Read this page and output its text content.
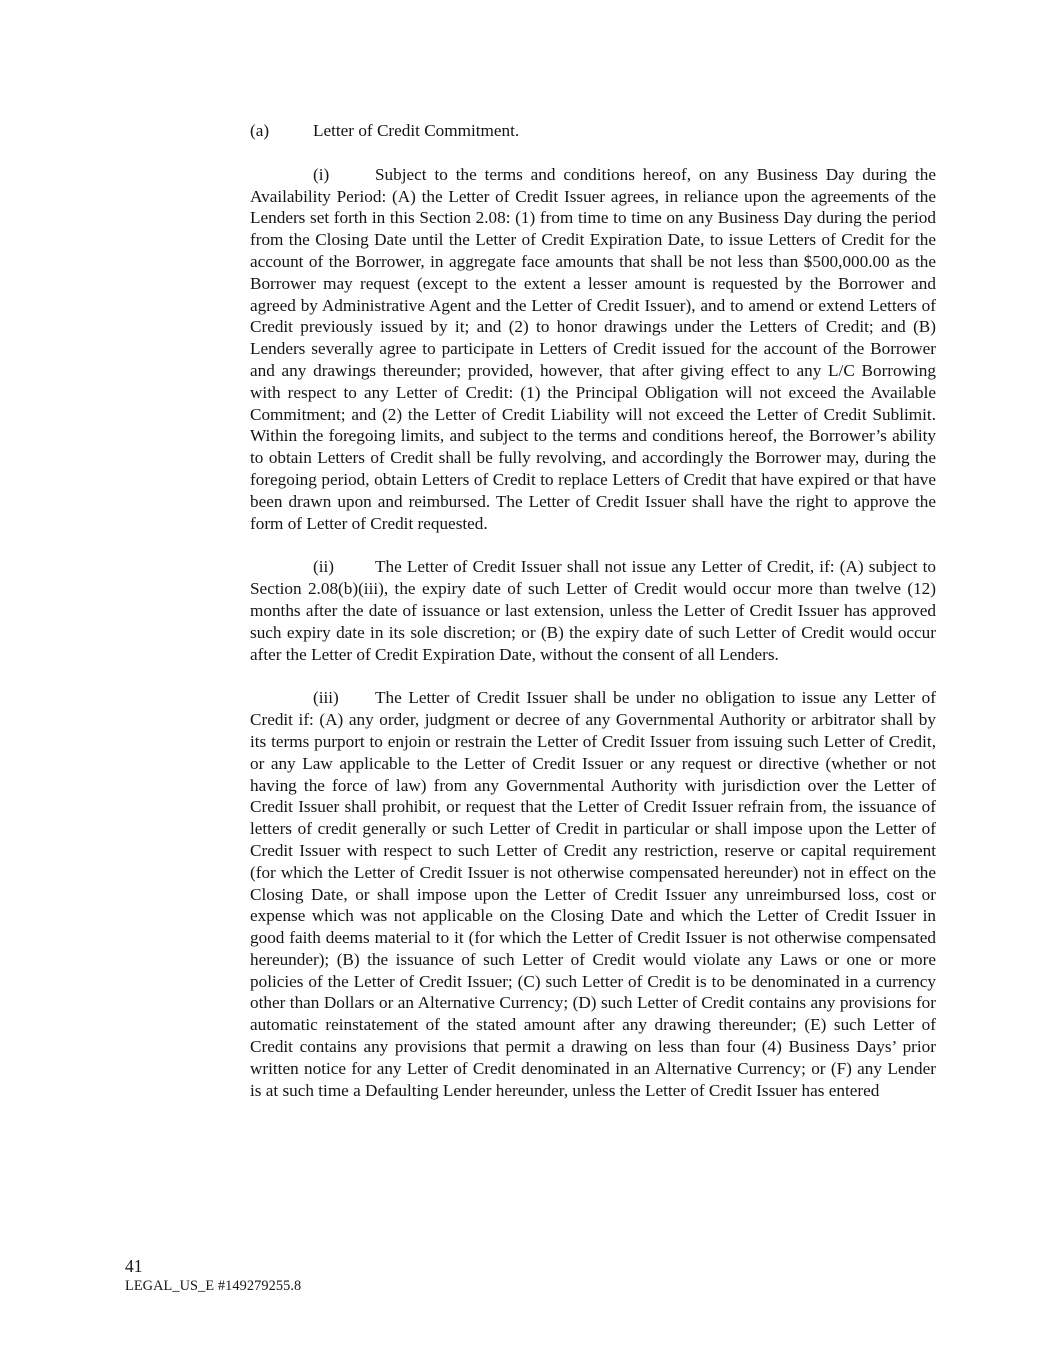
(a)	Letter of Credit Commitment.

(i)	Subject to the terms and conditions hereof, on any Business Day during the Availability Period: (A) the Letter of Credit Issuer agrees, in reliance upon the agreements of the Lenders set forth in this Section 2.08: (1) from time to time on any Business Day during the period from the Closing Date until the Letter of Credit Expiration Date, to issue Letters of Credit for the account of the Borrower, in aggregate face amounts that shall be not less than $500,000.00 as the Borrower may request (except to the extent a lesser amount is requested by the Borrower and agreed by Administrative Agent and the Letter of Credit Issuer), and to amend or extend Letters of Credit previously issued by it; and (2) to honor drawings under the Letters of Credit; and (B) Lenders severally agree to participate in Letters of Credit issued for the account of the Borrower and any drawings thereunder; provided, however, that after giving effect to any L/C Borrowing with respect to any Letter of Credit: (1) the Principal Obligation will not exceed the Available Commitment; and (2) the Letter of Credit Liability will not exceed the Letter of Credit Sublimit. Within the foregoing limits, and subject to the terms and conditions hereof, the Borrower’s ability to obtain Letters of Credit shall be fully revolving, and accordingly the Borrower may, during the foregoing period, obtain Letters of Credit to replace Letters of Credit that have expired or that have been drawn upon and reimbursed. The Letter of Credit Issuer shall have the right to approve the form of Letter of Credit requested.

(ii) The Letter of Credit Issuer shall not issue any Letter of Credit, if: (A) subject to Section 2.08(b)(iii), the expiry date of such Letter of Credit would occur more than twelve (12) months after the date of issuance or last extension, unless the Letter of Credit Issuer has approved such expiry date in its sole discretion; or (B) the expiry date of such Letter of Credit would occur after the Letter of Credit Expiration Date, without the consent of all Lenders.

(iii) The Letter of Credit Issuer shall be under no obligation to issue any Letter of Credit if: (A) any order, judgment or decree of any Governmental Authority or arbitrator shall by its terms purport to enjoin or restrain the Letter of Credit Issuer from issuing such Letter of Credit, or any Law applicable to the Letter of Credit Issuer or any request or directive (whether or not having the force of law) from any Governmental Authority with jurisdiction over the Letter of Credit Issuer shall prohibit, or request that the Letter of Credit Issuer refrain from, the issuance of letters of credit generally or such Letter of Credit in particular or shall impose upon the Letter of Credit Issuer with respect to such Letter of Credit any restriction, reserve or capital requirement (for which the Letter of Credit Issuer is not otherwise compensated hereunder) not in effect on the Closing Date, or shall impose upon the Letter of Credit Issuer any unreimbursed loss, cost or expense which was not applicable on the Closing Date and which the Letter of Credit Issuer in good faith deems material to it (for which the Letter of Credit Issuer is not otherwise compensated hereunder); (B) the issuance of such Letter of Credit would violate any Laws or one or more policies of the Letter of Credit Issuer; (C) such Letter of Credit is to be denominated in a currency other than Dollars or an Alternative Currency; (D) such Letter of Credit contains any provisions for automatic reinstatement of the stated amount after any drawing thereunder; (E) such Letter of Credit contains any provisions that permit a drawing on less than four (4) Business Days’ prior written notice for any Letter of Credit denominated in an Alternative Currency; or (F) any Lender is at such time a Defaulting Lender hereunder, unless the Letter of Credit Issuer has entered

41
LEGAL_US_E #149279255.8
